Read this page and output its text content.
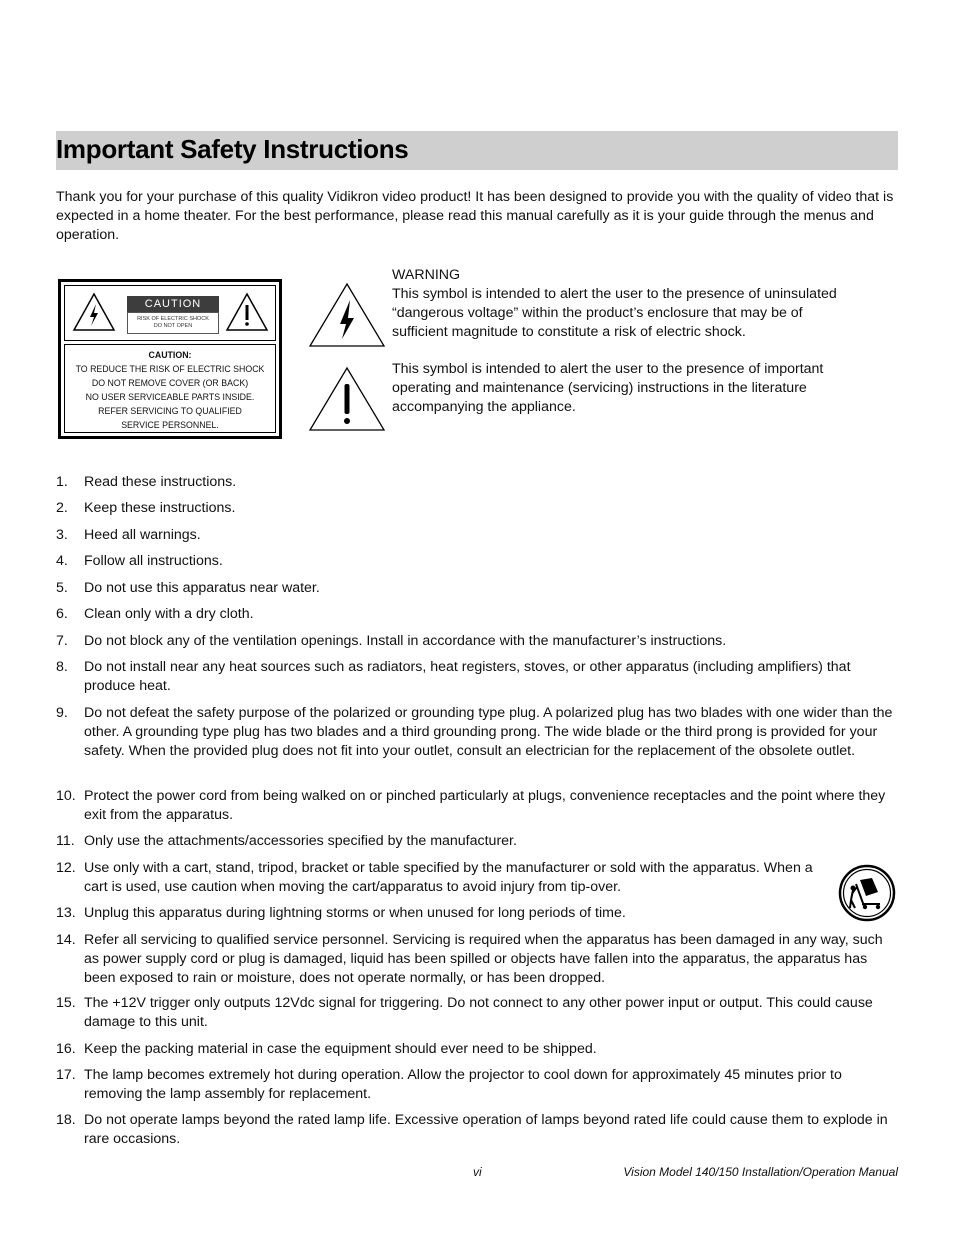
Important Safety Instructions
Thank you for your purchase of this quality Vidikron video product! It has been designed to provide you with the quality of video that is expected in a home theater. For the best performance, please read this manual carefully as it is your guide through the menus and operation.
CAUTION
RISK OF ELECTRIC SHOCK
DO NOT OPEN
CAUTION:
TO REDUCE THE RISK OF ELECTRIC SHOCK
DO NOT REMOVE COVER (OR BACK)
NO USER SERVICEABLE PARTS INSIDE.
REFER SERVICING TO QUALIFIED
SERVICE PERSONNEL.
WARNING
This symbol is intended to alert the user to the presence of uninsulated “dangerous voltage” within the product’s enclosure that may be of sufficient magnitude to constitute a risk of electric shock.
This symbol is intended to alert the user to the presence of important operating and maintenance (servicing) instructions in the literature accompanying the appliance.
1.	Read these instructions.
2.	Keep these instructions.
3.	Heed all warnings.
4.	Follow all instructions.
5.	Do not use this apparatus near water.
6.	Clean only with a dry cloth.
7.	Do not block any of the ventilation openings. Install in accordance with the manufacturer’s instructions.
8.	Do not install near any heat sources such as radiators, heat registers, stoves, or other apparatus (including amplifiers) that produce heat.
9.	Do not defeat the safety purpose of the polarized or grounding type plug. A polarized plug has two blades with one wider than the other. A grounding type plug has two blades and a third grounding prong. The wide blade or the third prong is provided for your safety. When the provided plug does not fit into your outlet, consult an electrician for the replacement of the obsolete outlet.
10. Protect the power cord from being walked on or pinched particularly at plugs, convenience receptacles and the point where they exit from the apparatus.
11. Only use the attachments/accessories specified by the manufacturer.
12. Use only with a cart, stand, tripod, bracket or table specified by the manufacturer or sold with the apparatus. When a cart is used, use caution when moving the cart/apparatus to avoid injury from tip-over.
13. Unplug this apparatus during lightning storms or when unused for long periods of time.
14. Refer all servicing to qualified service personnel. Servicing is required when the apparatus has been damaged in any way, such as power supply cord or plug is damaged, liquid has been spilled or objects have fallen into the apparatus, the apparatus has been exposed to rain or moisture, does not operate normally, or has been dropped.
15. The +12V trigger only outputs 12Vdc signal for triggering. Do not connect to any other power input or output. This could cause damage to this unit.
16. Keep the packing material in case the equipment should ever need to be shipped.
17. The lamp becomes extremely hot during operation. Allow the projector to cool down for approximately 45 minutes prior to removing the lamp assembly for replacement.
18. Do not operate lamps beyond the rated lamp life. Excessive operation of lamps beyond rated life could cause them to explode in rare occasions.
vi	Vision Model 140/150 Installation/Operation Manual
